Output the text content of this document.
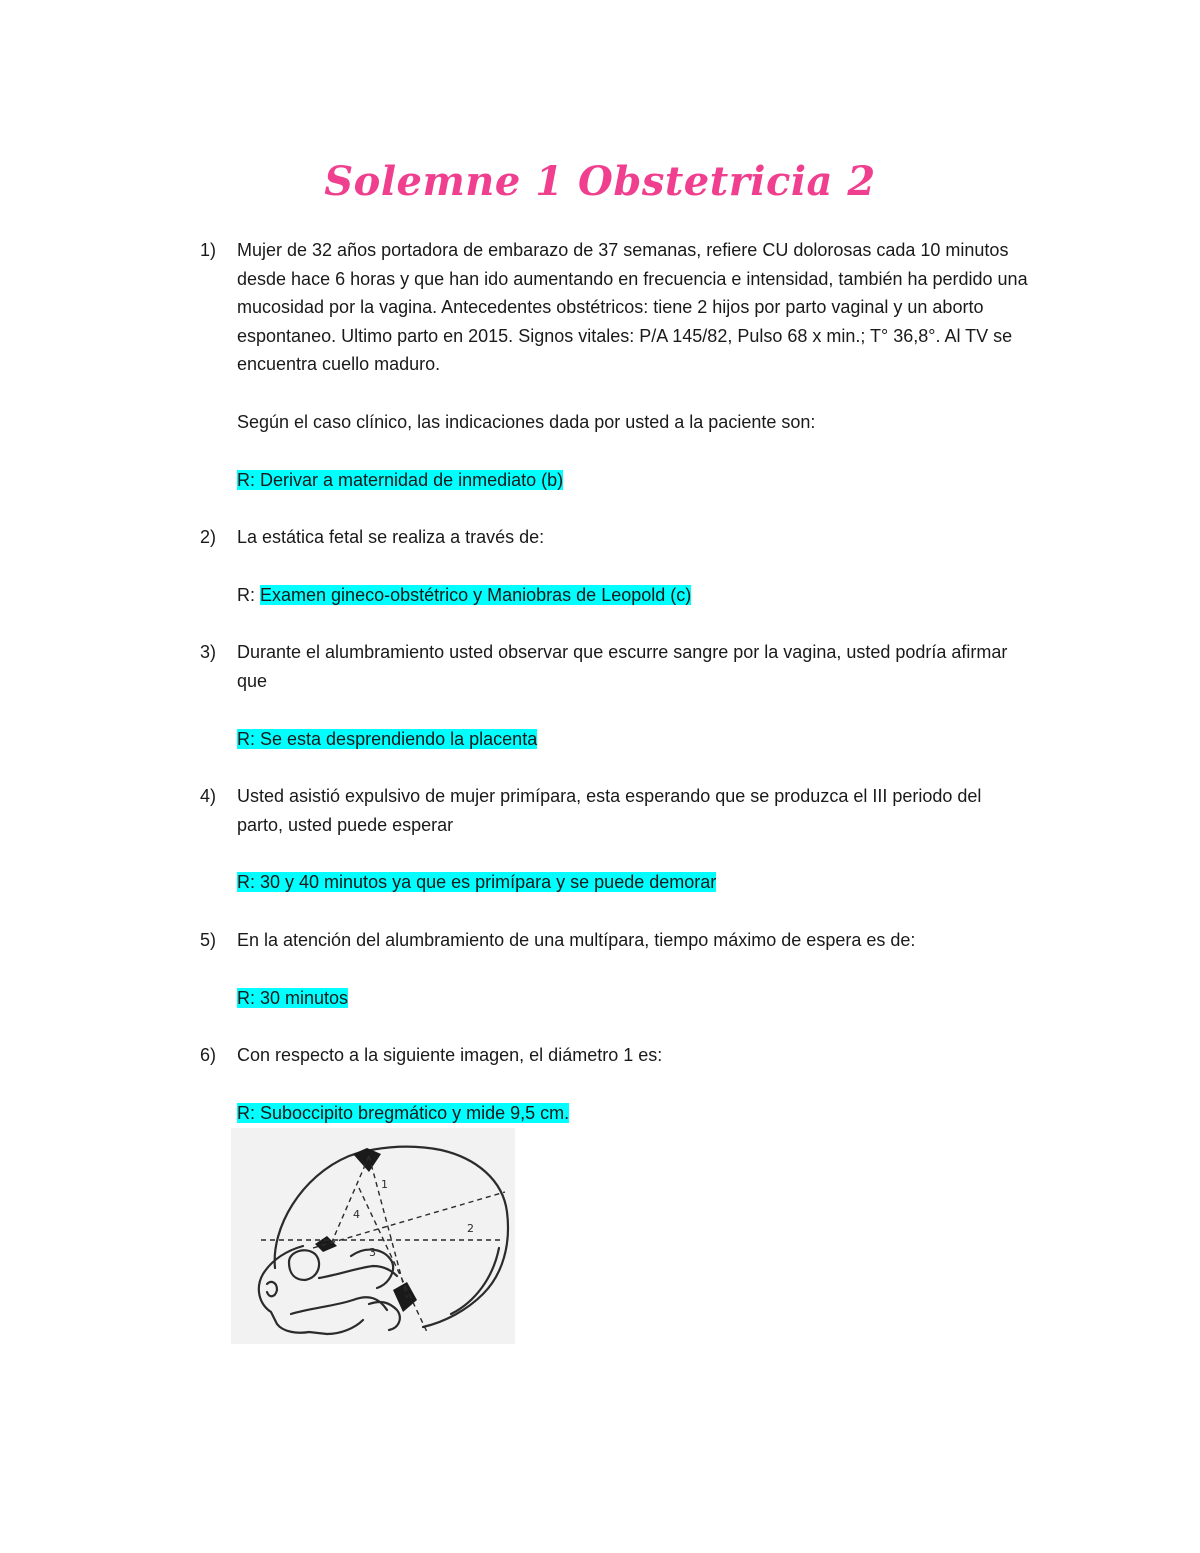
Solemne 1 Obstetricia 2
1) Mujer de 32 años portadora de embarazo de 37 semanas, refiere CU dolorosas cada 10 minutos desde hace 6 horas y que han ido aumentando en frecuencia e intensidad, también ha perdido una mucosidad por la vagina. Antecedentes obstétricos: tiene 2 hijos por parto vaginal y un aborto espontaneo. Ultimo parto en 2015. Signos vitales: P/A 145/82, Pulso 68 x min.; T° 36,8°. Al TV se encuentra cuello maduro.
Según el caso clínico, las indicaciones dada por usted a la paciente son:
R: Derivar a maternidad de inmediato (b)
2) La estática fetal se realiza a través de:
R: Examen gineco-obstétrico y Maniobras de Leopold (c)
3) Durante el alumbramiento usted observar que escurre sangre por la vagina, usted podría afirmar que
R: Se esta desprendiendo la placenta
4) Usted asistió expulsivo de mujer primípara, esta esperando que se produzca el III periodo del parto, usted puede esperar
R: 30 y 40 minutos ya que es primípara y se puede demorar
5) En la atención del alumbramiento de una multípara, tiempo máximo de espera es de:
R: 30 minutos
6) Con respecto a la siguiente imagen, el diámetro 1 es:
R: Suboccipito bregmático y mide 9,5 cm.
1
2
3
4
